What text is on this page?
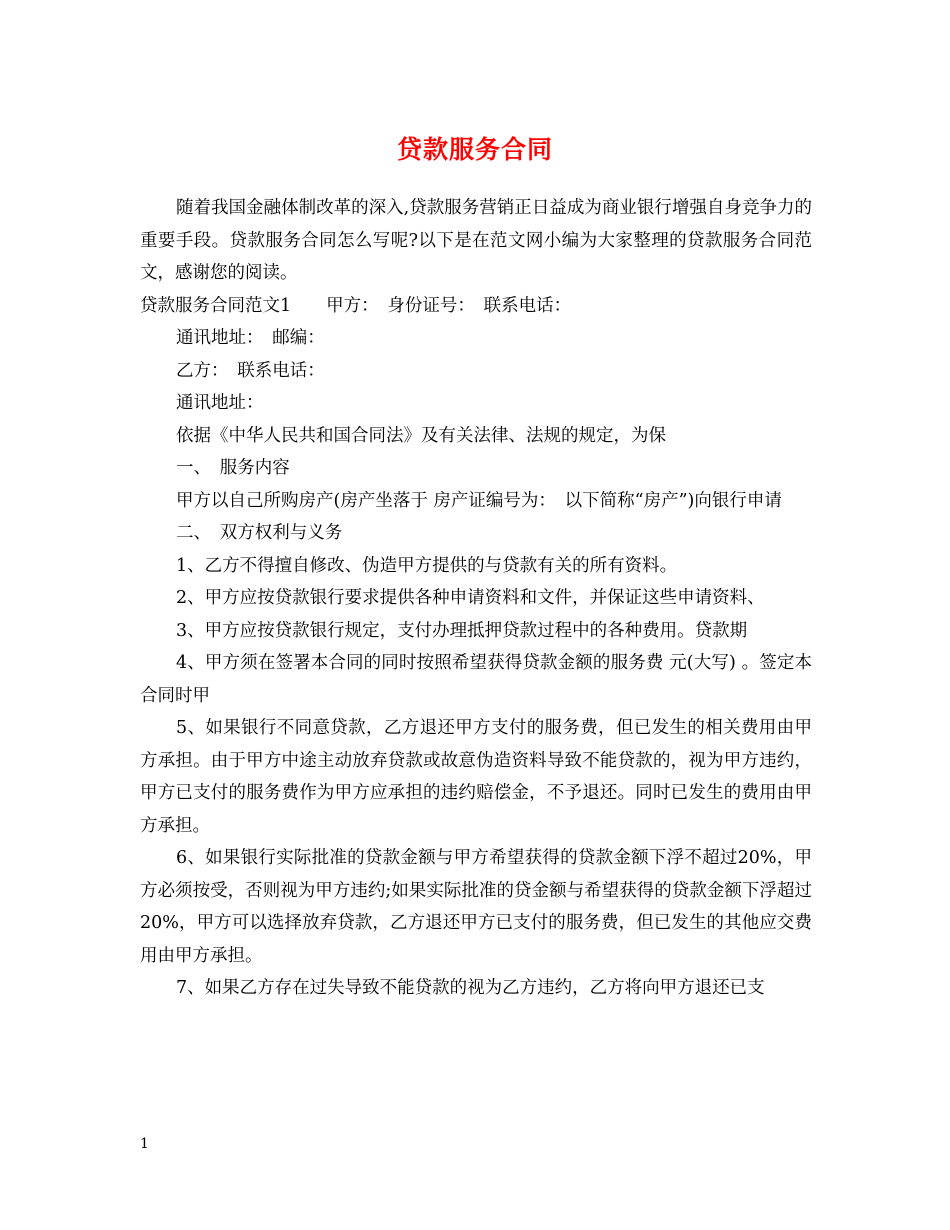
贷款服务合同

随着我国金融体制改革的深入,贷款服务营销正日益成为商业银行增强自身竞争力的重要手段。贷款服务合同怎么写呢?以下是在范文网小编为大家整理的贷款服务合同范文，感谢您的阅读。

贷款服务合同范文1　　甲方：　身份证号：　联系电话：

通讯地址：　邮编：

乙方：　联系电话：

通讯地址：

依据《中华人民共和国合同法》及有关法律、法规的规定，为保

一、　服务内容

甲方以自己所购房产(房产坐落于 房产证编号为：　以下简称“房产”)向银行申请

二、　双方权利与义务

1、乙方不得擅自修改、伪造甲方提供的与贷款有关的所有资料。

2、甲方应按贷款银行要求提供各种申请资料和文件，并保证这些申请资料、

3、甲方应按贷款银行规定，支付办理抵押贷款过程中的各种费用。贷款期

4、甲方须在签署本合同的同时按照希望获得贷款金额的服务费 元(大写) 。签定本合同时甲

5、如果银行不同意贷款，乙方退还甲方支付的服务费，但已发生的相关费用由甲方承担。由于甲方中途主动放弃贷款或故意伪造资料导致不能贷款的，视为甲方违约，甲方已支付的服务费作为甲方应承担的违约赔偿金，不予退还。同时已发生的费用由甲方承担。

6、如果银行实际批准的贷款金额与甲方希望获得的贷款金额下浮不超过20%，甲方必须按受，否则视为甲方违约;如果实际批准的贷金额与希望获得的贷款金额下浮超过 20%，甲方可以选择放弃贷款，乙方退还甲方已支付的服务费，但已发生的其他应交费用由甲方承担。

7、如果乙方存在过失导致不能贷款的视为乙方违约，乙方将向甲方退还已支

1
